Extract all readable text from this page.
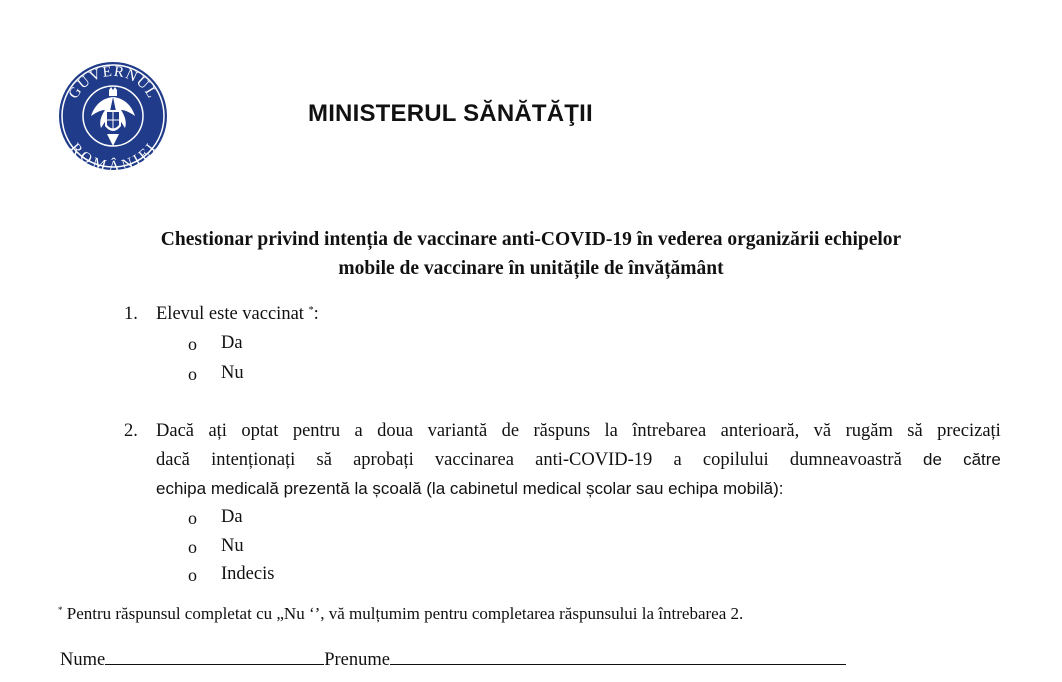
GUVERNUL
ROMÂNIEI
MINISTERUL SĂNĂTĂŢII
Chestionar privind intenția de vaccinare anti-COVID-19 în vederea organizării echipelor
mobile de vaccinare în unitățile de învățământ
1. Elevul este vaccinat *:
o Da
o Nu
2. Dacă ați optat pentru a doua variantă de răspuns la întrebarea anterioară, vă rugăm să precizați
dacă intenționați să aprobați vaccinarea anti-COVID-19 a copilului dumneavoastră de către
echipa medicală prezentă la școală (la cabinetul medical școlar sau echipa mobilă):
o Da
o Nu
o Indecis
* Pentru răspunsul completat cu „Nu ‘’, vă mulțumim pentru completarea răspunsului la întrebarea 2.
Nume	Prenume
